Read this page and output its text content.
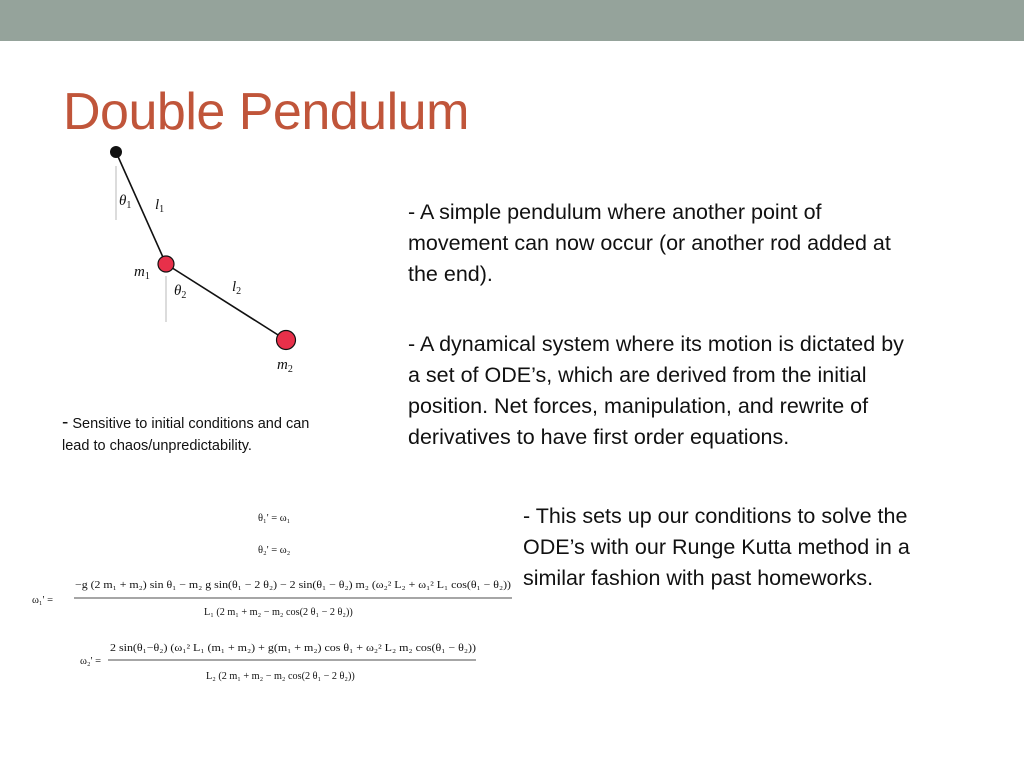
Double Pendulum
$\theta_1$ $l_1$
$m_1$
$\theta_2$
$l_2$
$m_2$

- Sensitive to initial conditions and can lead to chaos/unpredictability.

- A simple pendulum where another point of movement can now occur (or another rod added at the end).

- A dynamical system where its motion is dictated by a set of ODE’s, which are derived from the initial position. Net forces, manipulation, and rewrite of derivatives to have first order equations.

- This sets up our conditions to solve the ODE’s with our Runge Kutta method in a similar fashion with past homeworks.

θ₁' = ω₁
θ₂' = ω₂
ω₁' =
−g (2 m₁ + m₂) sin θ₁ − m₂ g sin(θ₁ − 2 θ₂) − 2 sin(θ₁ − θ₂) m₂ (ω₂² L₂ + ω₁² L₁ cos(θ₁ − θ₂))
L₁ (2 m₁ + m₂ − m₂ cos(2 θ₁ − 2 θ₂))
ω₂' =
2 sin(θ₁−θ₂) (ω₁² L₁ (m₁ + m₂) + g(m₁ + m₂) cos θ₁ + ω₂² L₂ m₂ cos(θ₁ − θ₂))
L₂ (2 m₁ + m₂ − m₂ cos(2 θ₁ − 2 θ₂))
